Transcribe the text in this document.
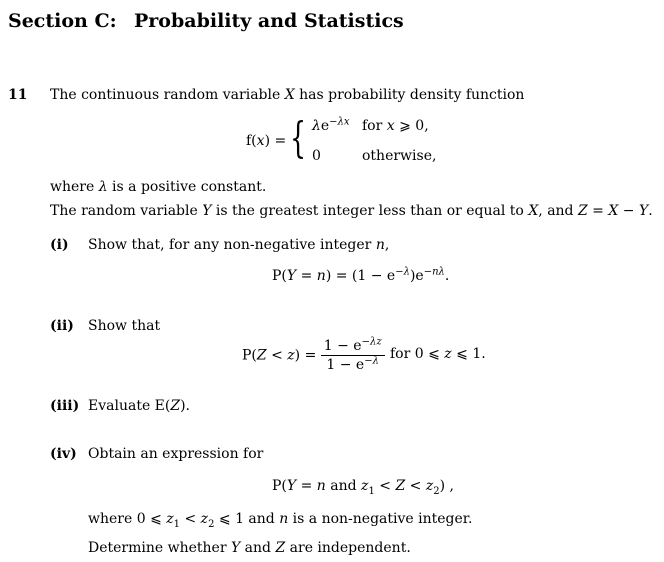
Section C: Probability and Statistics
11 The continuous random variable X has probability density function
f(x) = { $\lambda e^{-\lambda x}$ for x ⩾ 0,
0	otherwise,
where λ is a positive constant.
The random variable Y is the greatest integer less than or equal to X, and Z = X − Y.
(i) Show that, for any non-negative integer n,
$P(Y = n) = (1 - e^{-\lambda})e^{-n\lambda}$.
(ii) Show that
$P(Z < z) = \frac{1 - e^{-\lambda z}}{1 - e^{-\lambda}}$ for 0 ⩽ z ⩽ 1.
(iii) Evaluate E(Z).
(iv) Obtain an expression for
P(Y = n and $z_1 < Z < z_2$) ,
where 0 ⩽ $z_1 < z_2$ ⩽ 1 and n is a non-negative integer.
Determine whether Y and Z are independent.
